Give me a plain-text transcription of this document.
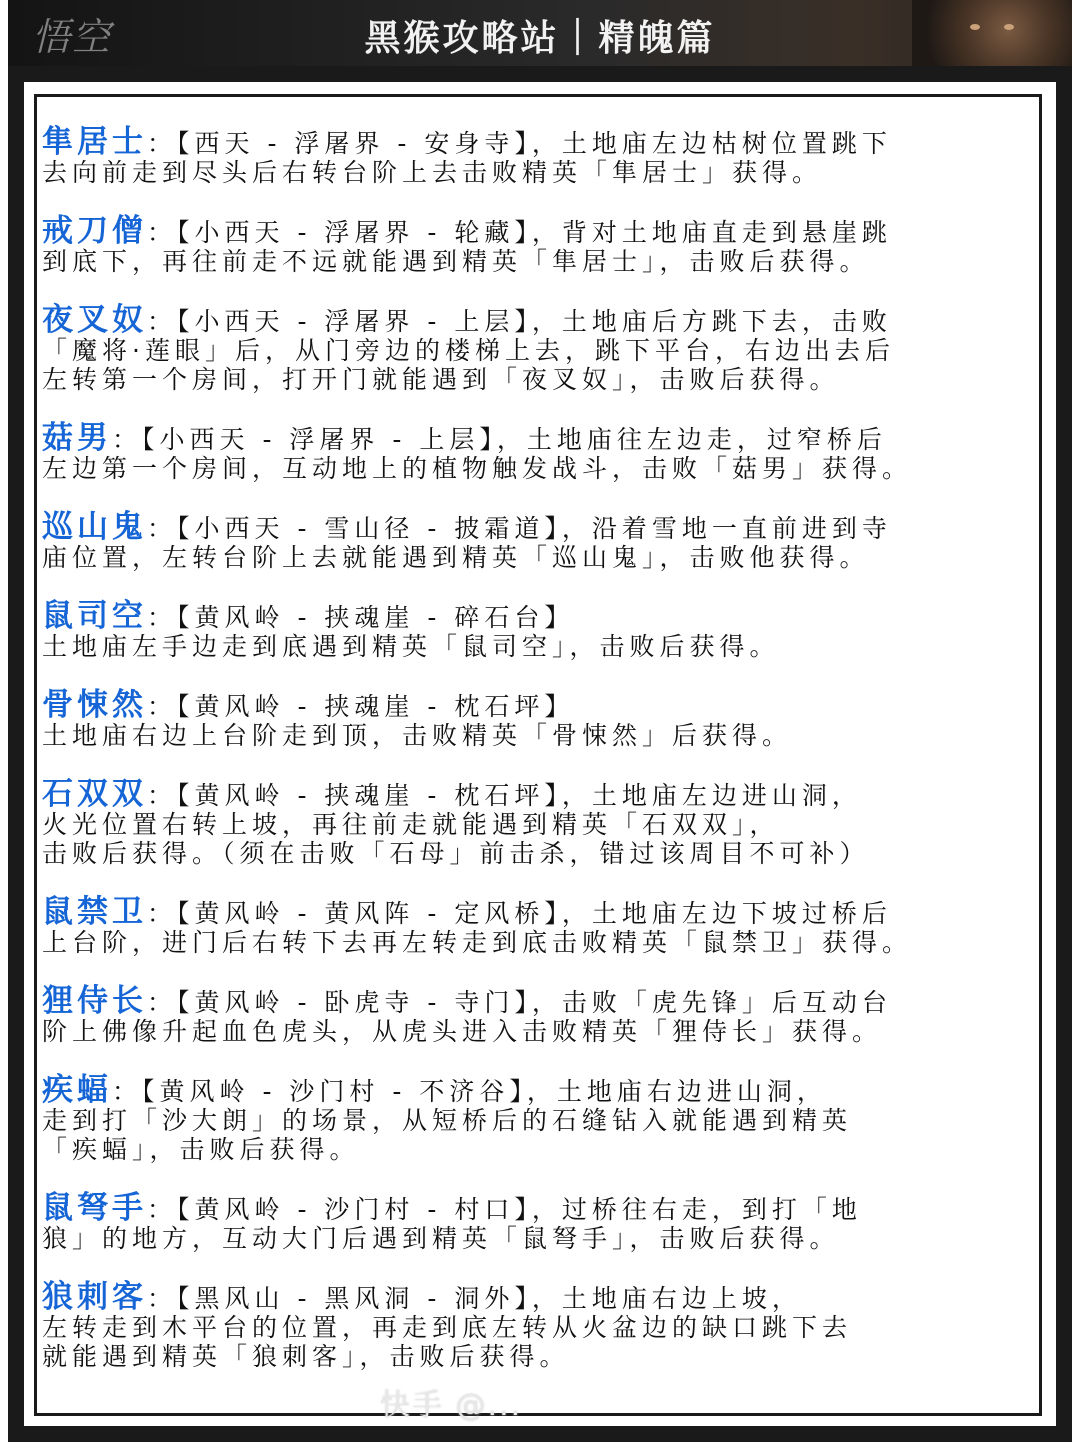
悟空	黑猴攻略站｜精魄篇

隼居士：【西天 - 浮屠界 - 安身寺】，土地庙左边枯树位置跳下

去向前走到尽头后右转台阶上去击败精英「隼居士」获得。

戒刀僧：【小西天 - 浮屠界 - 轮藏】，背对土地庙直走到悬崖跳

到底下，再往前走不远就能遇到精英「隼居士」，击败后获得。

夜叉奴：【小西天 - 浮屠界 - 上层】，土地庙后方跳下去，击败

「魔将·莲眼」后，从门旁边的楼梯上去，跳下平台，右边出去后

左转第一个房间，打开门就能遇到「夜叉奴」，击败后获得。

菇男：【小西天 - 浮屠界 - 上层】，土地庙往左边走，过窄桥后

左边第一个房间，互动地上的植物触发战斗，击败「菇男」获得。

巡山鬼：【小西天 - 雪山径 - 披霜道】，沿着雪地一直前进到寺

庙位置，左转台阶上去就能遇到精英「巡山鬼」，击败他获得。

鼠司空：【黄风岭 - 挟魂崖 - 碎石台】

土地庙左手边走到底遇到精英「鼠司空」，击败后获得。

骨悚然：【黄风岭 - 挟魂崖 - 枕石坪】

土地庙右边上台阶走到顶，击败精英「骨悚然」后获得。

石双双：【黄风岭 - 挟魂崖 - 枕石坪】，土地庙左边进山洞，

火光位置右转上坡，再往前走就能遇到精英「石双双」，

击败后获得。（须在击败「石母」前击杀，错过该周目不可补）

鼠禁卫：【黄风岭 - 黄风阵 - 定风桥】，土地庙左边下坡过桥后

上台阶，进门后右转下去再左转走到底击败精英「鼠禁卫」获得。

狸侍长：【黄风岭 - 卧虎寺 - 寺门】，击败「虎先锋」后互动台

阶上佛像升起血色虎头，从虎头进入击败精英「狸侍长」获得。

疾蝠：【黄风岭 - 沙门村 - 不济谷】，土地庙右边进山洞，

走到打「沙大朗」的场景，从短桥后的石缝钻入就能遇到精英

「疾蝠」，击败后获得。

鼠弩手：【黄风岭 - 沙门村 - 村口】，过桥往右走，到打「地

狼」的地方，互动大门后遇到精英「鼠弩手」，击败后获得。

狼刺客：【黑风山 - 黑风洞 - 洞外】，土地庙右边上坡，

左转走到木平台的位置，再走到底左转从火盆边的缺口跳下去

就能遇到精英「狼刺客」，击败后获得。

快手 @...
